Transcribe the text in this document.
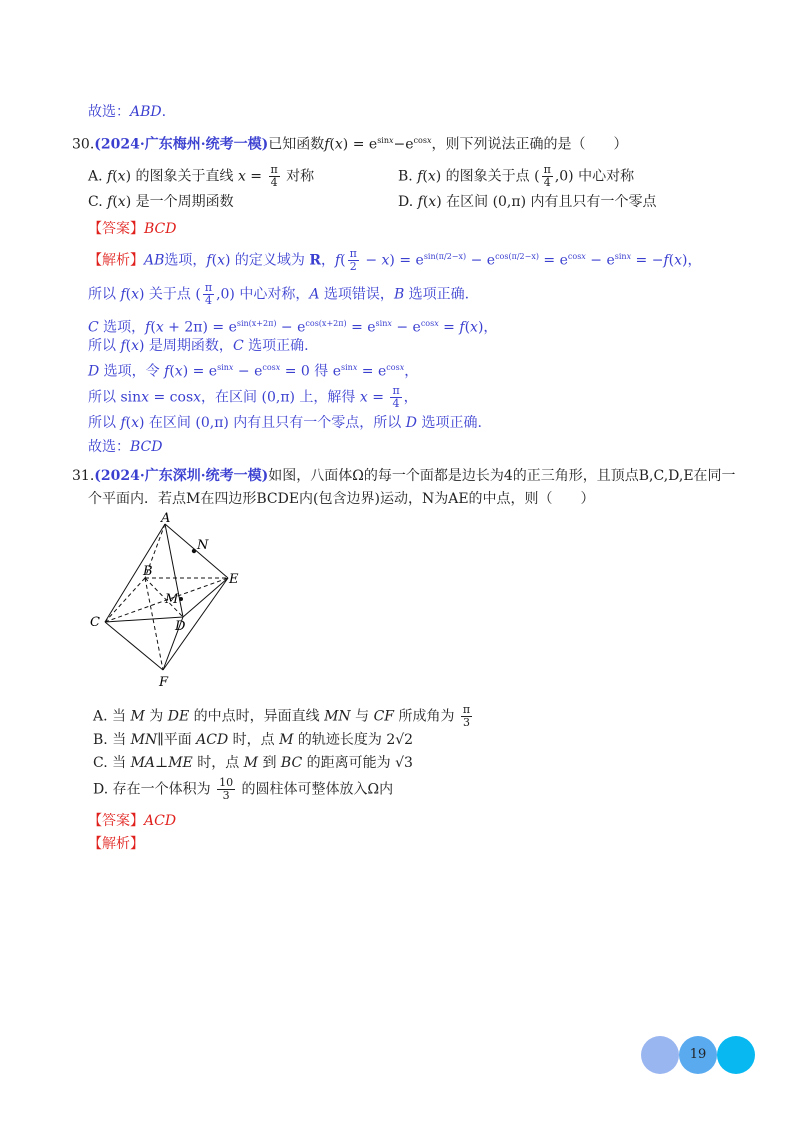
故选：ABD.
30.(2024·广东梅州·统考一模)已知函数$f(x) = e^{sinx}-e^{cosx}$，则下列说法正确的是（　　）
A. f(x) 的图象关于直线 $x = \frac{\pi}{4}$ 对称	B. f(x) 的图象关于点 ( $\frac{\pi}{4} ,0$) 中心对称
C. f(x) 是一个周期函数	D. f(x) 在区间 (0,π) 内有且只有一个零点
【答案】BCD
【解析】AB选项，f(x) 的定义域为 R，$f( \frac{\pi}{2} - x) = e^{sin(\pi/2-x)} - e^{cos(\pi/2-x)} = e^{cosx} - e^{sinx} = -f(x)$，
所以 f(x) 关于点 ( $\frac{\pi}{4} ,0$) 中心对称，A 选项错误，B 选项正确.
C 选项，$f(x + 2\pi) = e^{sin(x+2\pi)} - e^{cos(x+2\pi)} = e^{sinx} - e^{cosx} = f(x)$，
所以 f(x) 是周期函数，C 选项正确.
D 选项，令 $f(x) = e^{sinx} - e^{cosx} = 0$ 得 $e^{sinx} = e^{cosx}$，
所以 sinx = cosx，在区间 (0,π) 上，解得 $x = \frac{\pi}{4}$ ，
所以 f(x) 在区间 (0,π) 内有且只有一个零点，所以 D 选项正确.
故选：BCD
31.(2024·广东深圳·统考一模)如图，八面体Ω的每一个面都是边长为4的正三角形，且顶点B,C,D,E在同一
个平面内．若点M在四边形BCDE内(包含边界)运动，N为AE的中点，则（　　）
A
N
B
E
M
C	D
F
A. 当 M 为 DE 的中点时，异面直线 MN 与 CF 所成角为 $\frac{\pi}{3}$
B. 当 MN∥平面 ACD 时，点 M 的轨迹长度为 2√2
C. 当 MA⊥ME 时，点 M 到 BC 的距离可能为 √3
D. 存在一个体积为 $\frac{10}{3}$ 的圆柱体可整体放入Ω内
【答案】ACD
【解析】
19
